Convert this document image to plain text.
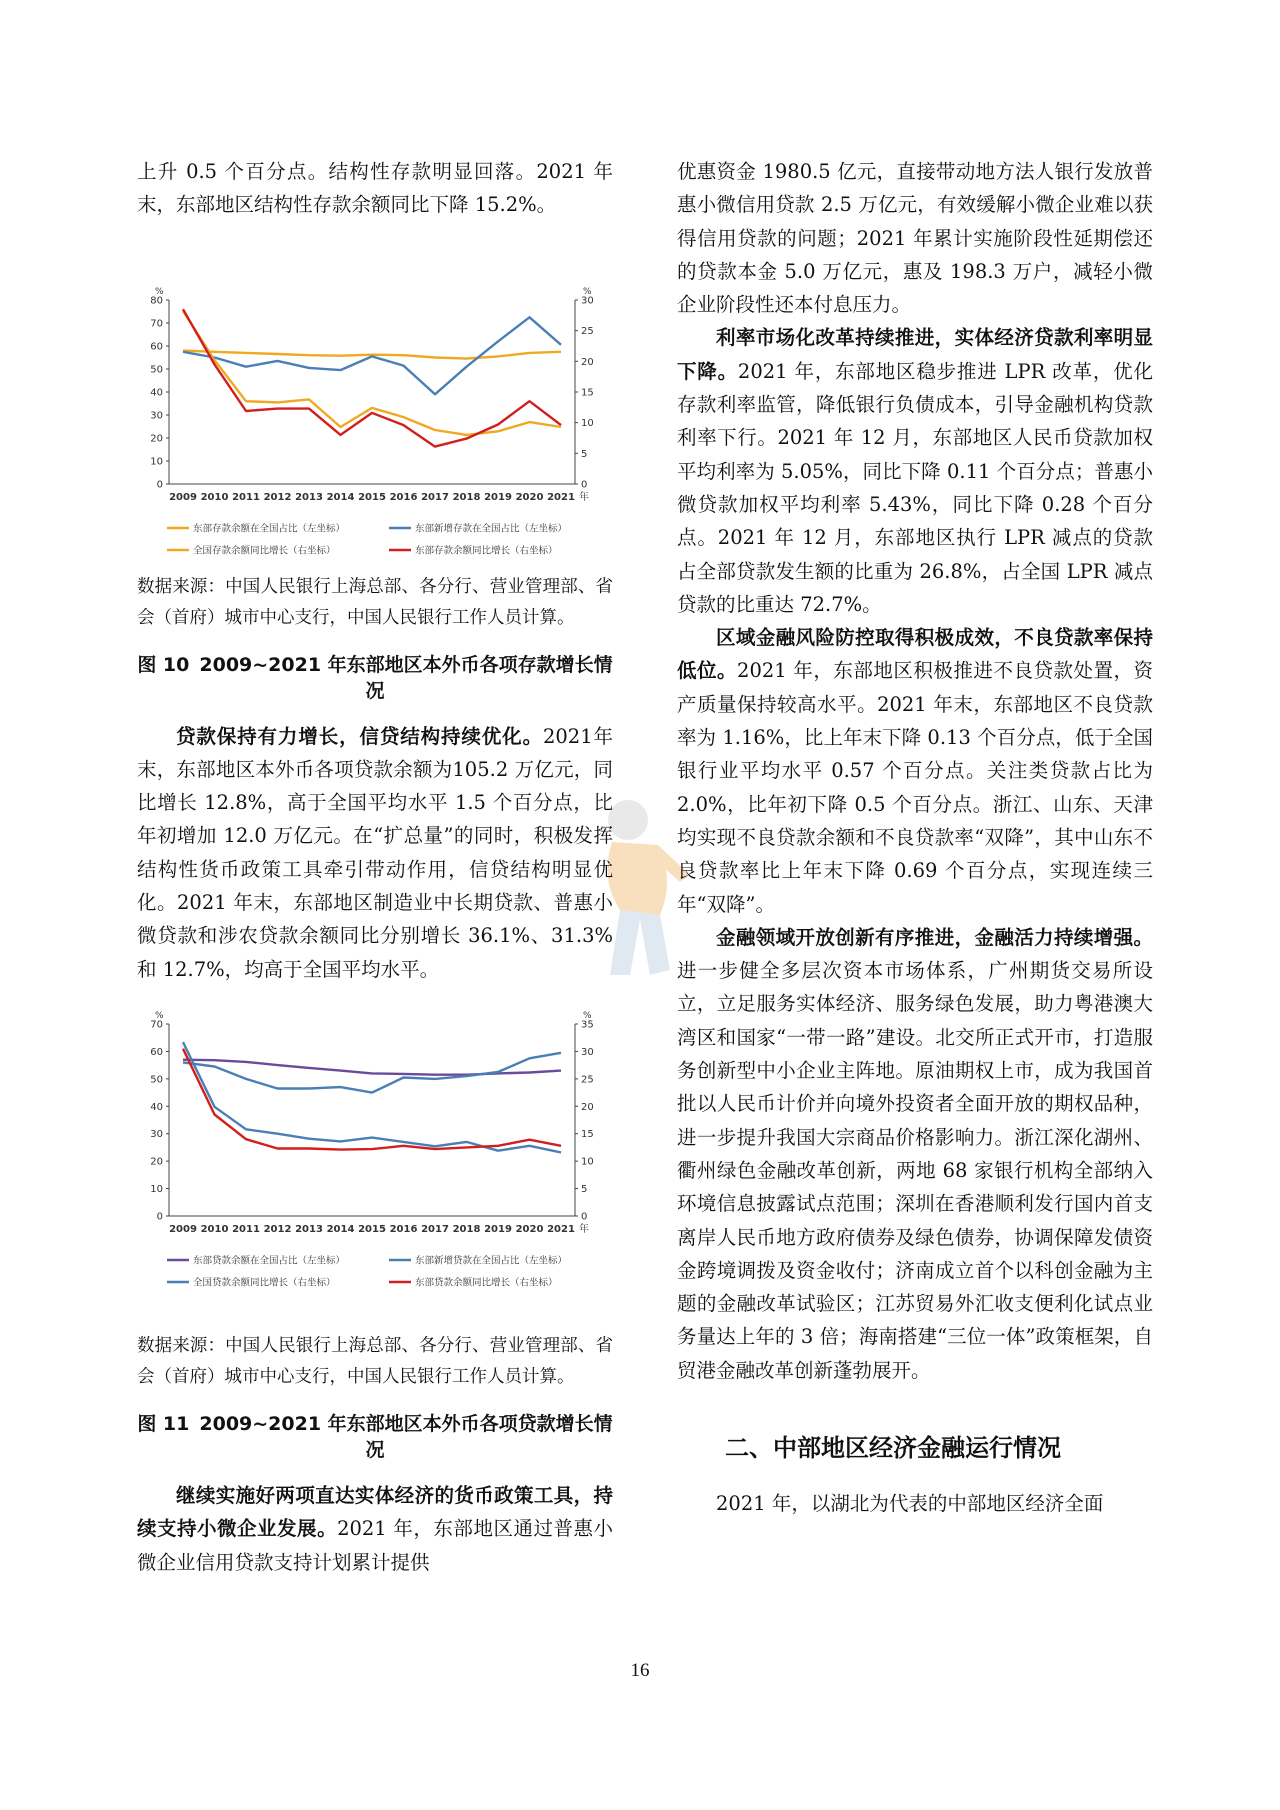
上升 0.5 个百分点。结构性存款明显回落。2021 年末，东部地区结构性存款余额同比下降 15.2%。

%	%
0
10
20
30
40
50
60
70
80
0
5
10
15
20
25
30
2009 2010 2011 2012 2013 2014 2015 2016 2017 2018 2019 2020 2021 年
东部存款余额在全国占比（左坐标）	东部新增存款在全国占比（左坐标）
全国存款余额同比增长（右坐标）	东部存款余额同比增长（右坐标）

数据来源：中国人民银行上海总部、各分行、营业管理部、省会（首府）城市中心支行，中国人民银行工作人员计算。

图 10 2009~2021 年东部地区本外币各项存款增长情况

贷款保持有力增长，信贷结构持续优化。2021年末，东部地区本外币各项贷款余额为105.2 万亿元，同比增长 12.8%，高于全国平均水平 1.5 个百分点，比年初增加 12.0 万亿元。在“扩总量”的同时，积极发挥结构性货币政策工具牵引带动作用，信贷结构明显优化。2021 年末，东部地区制造业中长期贷款、普惠小微贷款和涉农贷款余额同比分别增长 36.1%、31.3%和 12.7%，均高于全国平均水平。

%	%
0
10
20
30
40
50
60
70
0
5
10
15
20
25
30
35
2009 2010 2011 2012 2013 2014 2015 2016 2017 2018 2019 2020 2021 年
东部贷款余额在全国占比（左坐标）	东部新增贷款在全国占比（左坐标）
全国贷款余额同比增长（右坐标）	东部贷款余额同比增长（右坐标）

数据来源：中国人民银行上海总部、各分行、营业管理部、省会（首府）城市中心支行，中国人民银行工作人员计算。

图 11 2009~2021 年东部地区本外币各项贷款增长情况

继续实施好两项直达实体经济的货币政策工具，持续支持小微企业发展。2021 年，东部地区通过普惠小微企业信用贷款支持计划累计提供

优惠资金 1980.5 亿元，直接带动地方法人银行发放普惠小微信用贷款 2.5 万亿元，有效缓解小微企业难以获得信用贷款的问题；2021 年累计实施阶段性延期偿还的贷款本金 5.0 万亿元，惠及 198.3 万户，减轻小微企业阶段性还本付息压力。

利率市场化改革持续推进，实体经济贷款利率明显下降。2021 年，东部地区稳步推进 LPR 改革，优化存款利率监管，降低银行负债成本，引导金融机构贷款利率下行。2021 年 12 月，东部地区人民币贷款加权平均利率为 5.05%，同比下降 0.11 个百分点；普惠小微贷款加权平均利率 5.43%，同比下降 0.28 个百分点。2021 年 12 月，东部地区执行 LPR 减点的贷款占全部贷款发生额的比重为 26.8%，占全国 LPR 减点贷款的比重达 72.7%。

区域金融风险防控取得积极成效，不良贷款率保持低位。2021 年，东部地区积极推进不良贷款处置，资产质量保持较高水平。2021 年末，东部地区不良贷款率为 1.16%，比上年末下降 0.13 个百分点，低于全国银行业平均水平 0.57 个百分点。关注类贷款占比为 2.0%，比年初下降 0.5 个百分点。浙江、山东、天津均实现不良贷款余额和不良贷款率“双降”，其中山东不良贷款率比上年末下降 0.69 个百分点，实现连续三年“双降”。

金融领域开放创新有序推进，金融活力持续增强。进一步健全多层次资本市场体系，广州期货交易所设立，立足服务实体经济、服务绿色发展，助力粤港澳大湾区和国家“一带一路”建设。北交所正式开市，打造服务创新型中小企业主阵地。原油期权上市，成为我国首批以人民币计价并向境外投资者全面开放的期权品种，进一步提升我国大宗商品价格影响力。浙江深化湖州、衢州绿色金融改革创新，两地 68 家银行机构全部纳入环境信息披露试点范围；深圳在香港顺利发行国内首支离岸人民币地方政府债券及绿色债券，协调保障发债资金跨境调拨及资金收付；济南成立首个以科创金融为主题的金融改革试验区；江苏贸易外汇收支便利化试点业务量达上年的 3 倍；海南搭建“三位一体”政策框架，自贸港金融改革创新蓬勃展开。

二、中部地区经济金融运行情况

2021 年，以湖北为代表的中部地区经济全面

16
